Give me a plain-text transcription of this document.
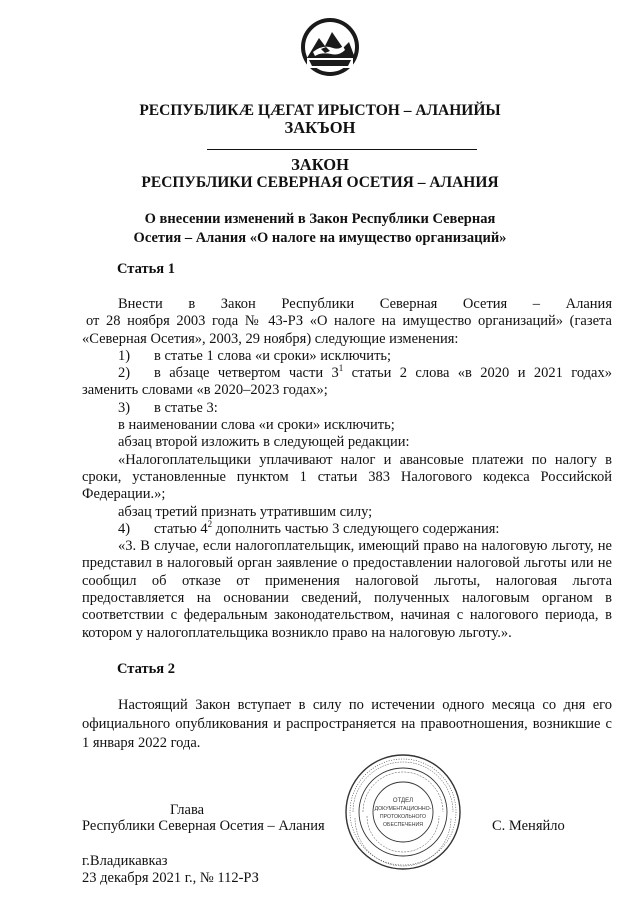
РЕСПУБЛИКӔ ЦӔГАТ ИРЫСТОН – АЛАНИЙЫ
ЗАКЪОН
ЗАКОН
РЕСПУБЛИКИ СЕВЕРНАЯ ОСЕТИЯ – АЛАНИЯ
О внесении изменений в Закон Республики Северная
Осетия – Алания «О налоге на имущество организаций»
Статья 1

Внести в Закон Республики Северная Осетия – Алания

от 28 ноября 2003 года № 43-РЗ «О налоге на имущество организаций» (газета «Северная Осетия», 2003, 29 ноября) следующие изменения:

1) в статье 1 слова «и сроки» исключить;

2) в абзаце четвертом части $3^1$ статьи 2 слова «в 2020 и 2021 годах» заменить словами «в 2020–2023 годах»;

3) в статье 3:

в наименовании слова «и сроки» исключить;

абзац второй изложить в следующей редакции:

«Налогоплательщики уплачивают налог и авансовые платежи по налогу в сроки, установленные пунктом 1 статьи 383 Налогового кодекса Российской Федерации.»;

абзац третий признать утратившим силу;

4) статью $4^2$ дополнить частью 3 следующего содержания:

«3. В случае, если налогоплательщик, имеющий право на налоговую льготу, не представил в налоговый орган заявление о предоставлении налоговой льготы или не сообщил об отказе от применения налоговой льготы, налоговая льгота предоставляется на основании сведений, полученных налоговым органом в соответствии с федеральным законодательством, начиная с налогового периода, в котором у налогоплательщика возникло право на налоговую льготу.».

Статья 2

Настоящий Закон вступает в силу по истечении одного месяца со дня его официального опубликования и распространяется на правоотношения, возникшие с 1 января 2022 года.

Глава
Республики Северная Осетия – Алания	С. Меняйло
ОТДЕЛ
ДОКУМЕНТАЦИОННО-
ПРОТОКОЛЬНОГО
ОБЕСПЕЧЕНИЯ
г.Владикавказ
23 декабря 2021 г., № 112-РЗ
